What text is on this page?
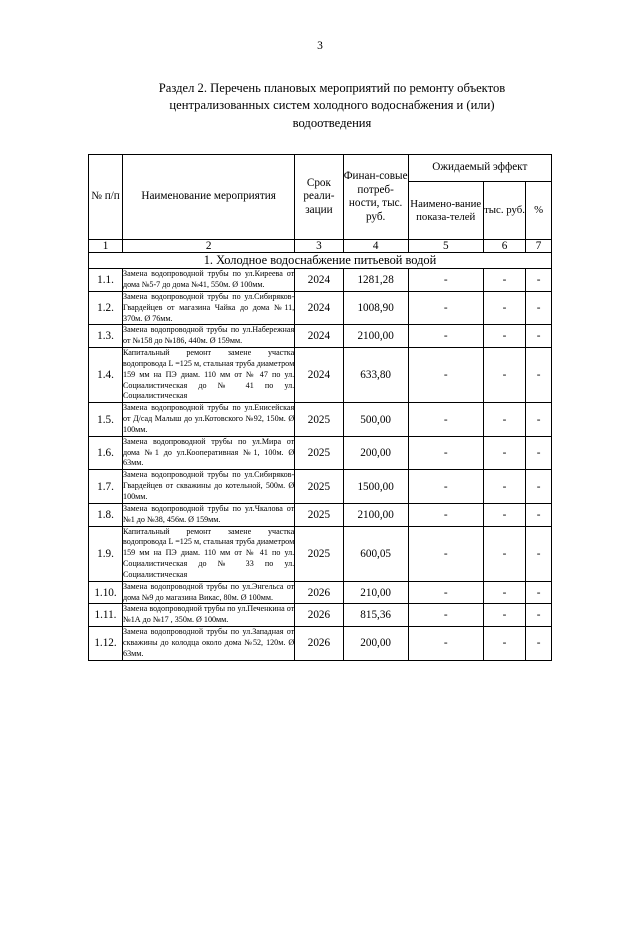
3
Раздел 2. Перечень плановых мероприятий по ремонту объектов
централизованных систем холодного водоснабжения и (или)
водоотведения
№ п/п	Наименование мероприятия	Срок реали-зации	Финан-совые потреб-ности, тыс. руб.	Ожидаемый эффект		
				Наимено-вание показа-телей	тыс. руб.	%
1	2	3	4	5	6	7
1. Холодное водоснабжение питьевой водой						
1.1.	Замена водопроводной трубы по ул.Киреева от дома №5-7 до дома №41, 550м. Ø 100мм.	2024	1281,28	-	-	-
1.2.	Замена водопроводной трубы по ул.Сибиряков-Гвардейцев от магазина Чайка до дома №11, 370м. Ø 76мм.	2024	1008,90	-	-	-
1.3.	Замена водопроводной трубы по ул.Набережная от №158 до №186, 440м. Ø 159мм.	2024	2100,00	-	-	-
1.4.	Капитальный ремонт замене участка водопровода L =125 м, стальная труба диаметром 159 мм на ПЭ диам. 110 мм от № 47 по ул. Социалистическая до № 41 по ул. Социалистическая	2024	633,80	-	-	-
1.5.	Замена водопроводной трубы по ул.Енисейская от Д/сад Малыш до ул.Котовского №92, 150м. Ø 100мм.	2025	500,00	-	-	-
1.6.	Замена водопроводной трубы по ул.Мира от дома №1 до ул.Кооперативная №1, 100м. Ø 63мм.	2025	200,00	-	-	-
1.7.	Замена водопроводной трубы по ул.Сибиряков-Гвардейцев от скважины до котельной, 500м. Ø 100мм.	2025	1500,00	-	-	-
1.8.	Замена водопроводной трубы по ул.Чкалова от №1 до №38, 456м. Ø 159мм.	2025	2100,00	-	-	-
1.9.	Капитальный ремонт замене участка водопровода L =125 м, стальная труба диаметром 159 мм на ПЭ диам. 110 мм от № 41 по ул. Социалистическая до № 33 по ул. Социалистическая	2025	600,05	-	-	-
1.10.	Замена водопроводной трубы по ул.Энгельса от дома №9 до магазина Викас, 80м. Ø 100мм.	2026	210,00	-	-	-
1.11.	Замена водопроводной трубы по ул.Печенкина от №1А до №17 , 350м. Ø 100мм.	2026	815,36	-	-	-
1.12.	Замена водопроводной трубы по ул.Западная от скважины до колодца около дома №52, 120м. Ø 63мм.	2026	200,00	-	-	-
